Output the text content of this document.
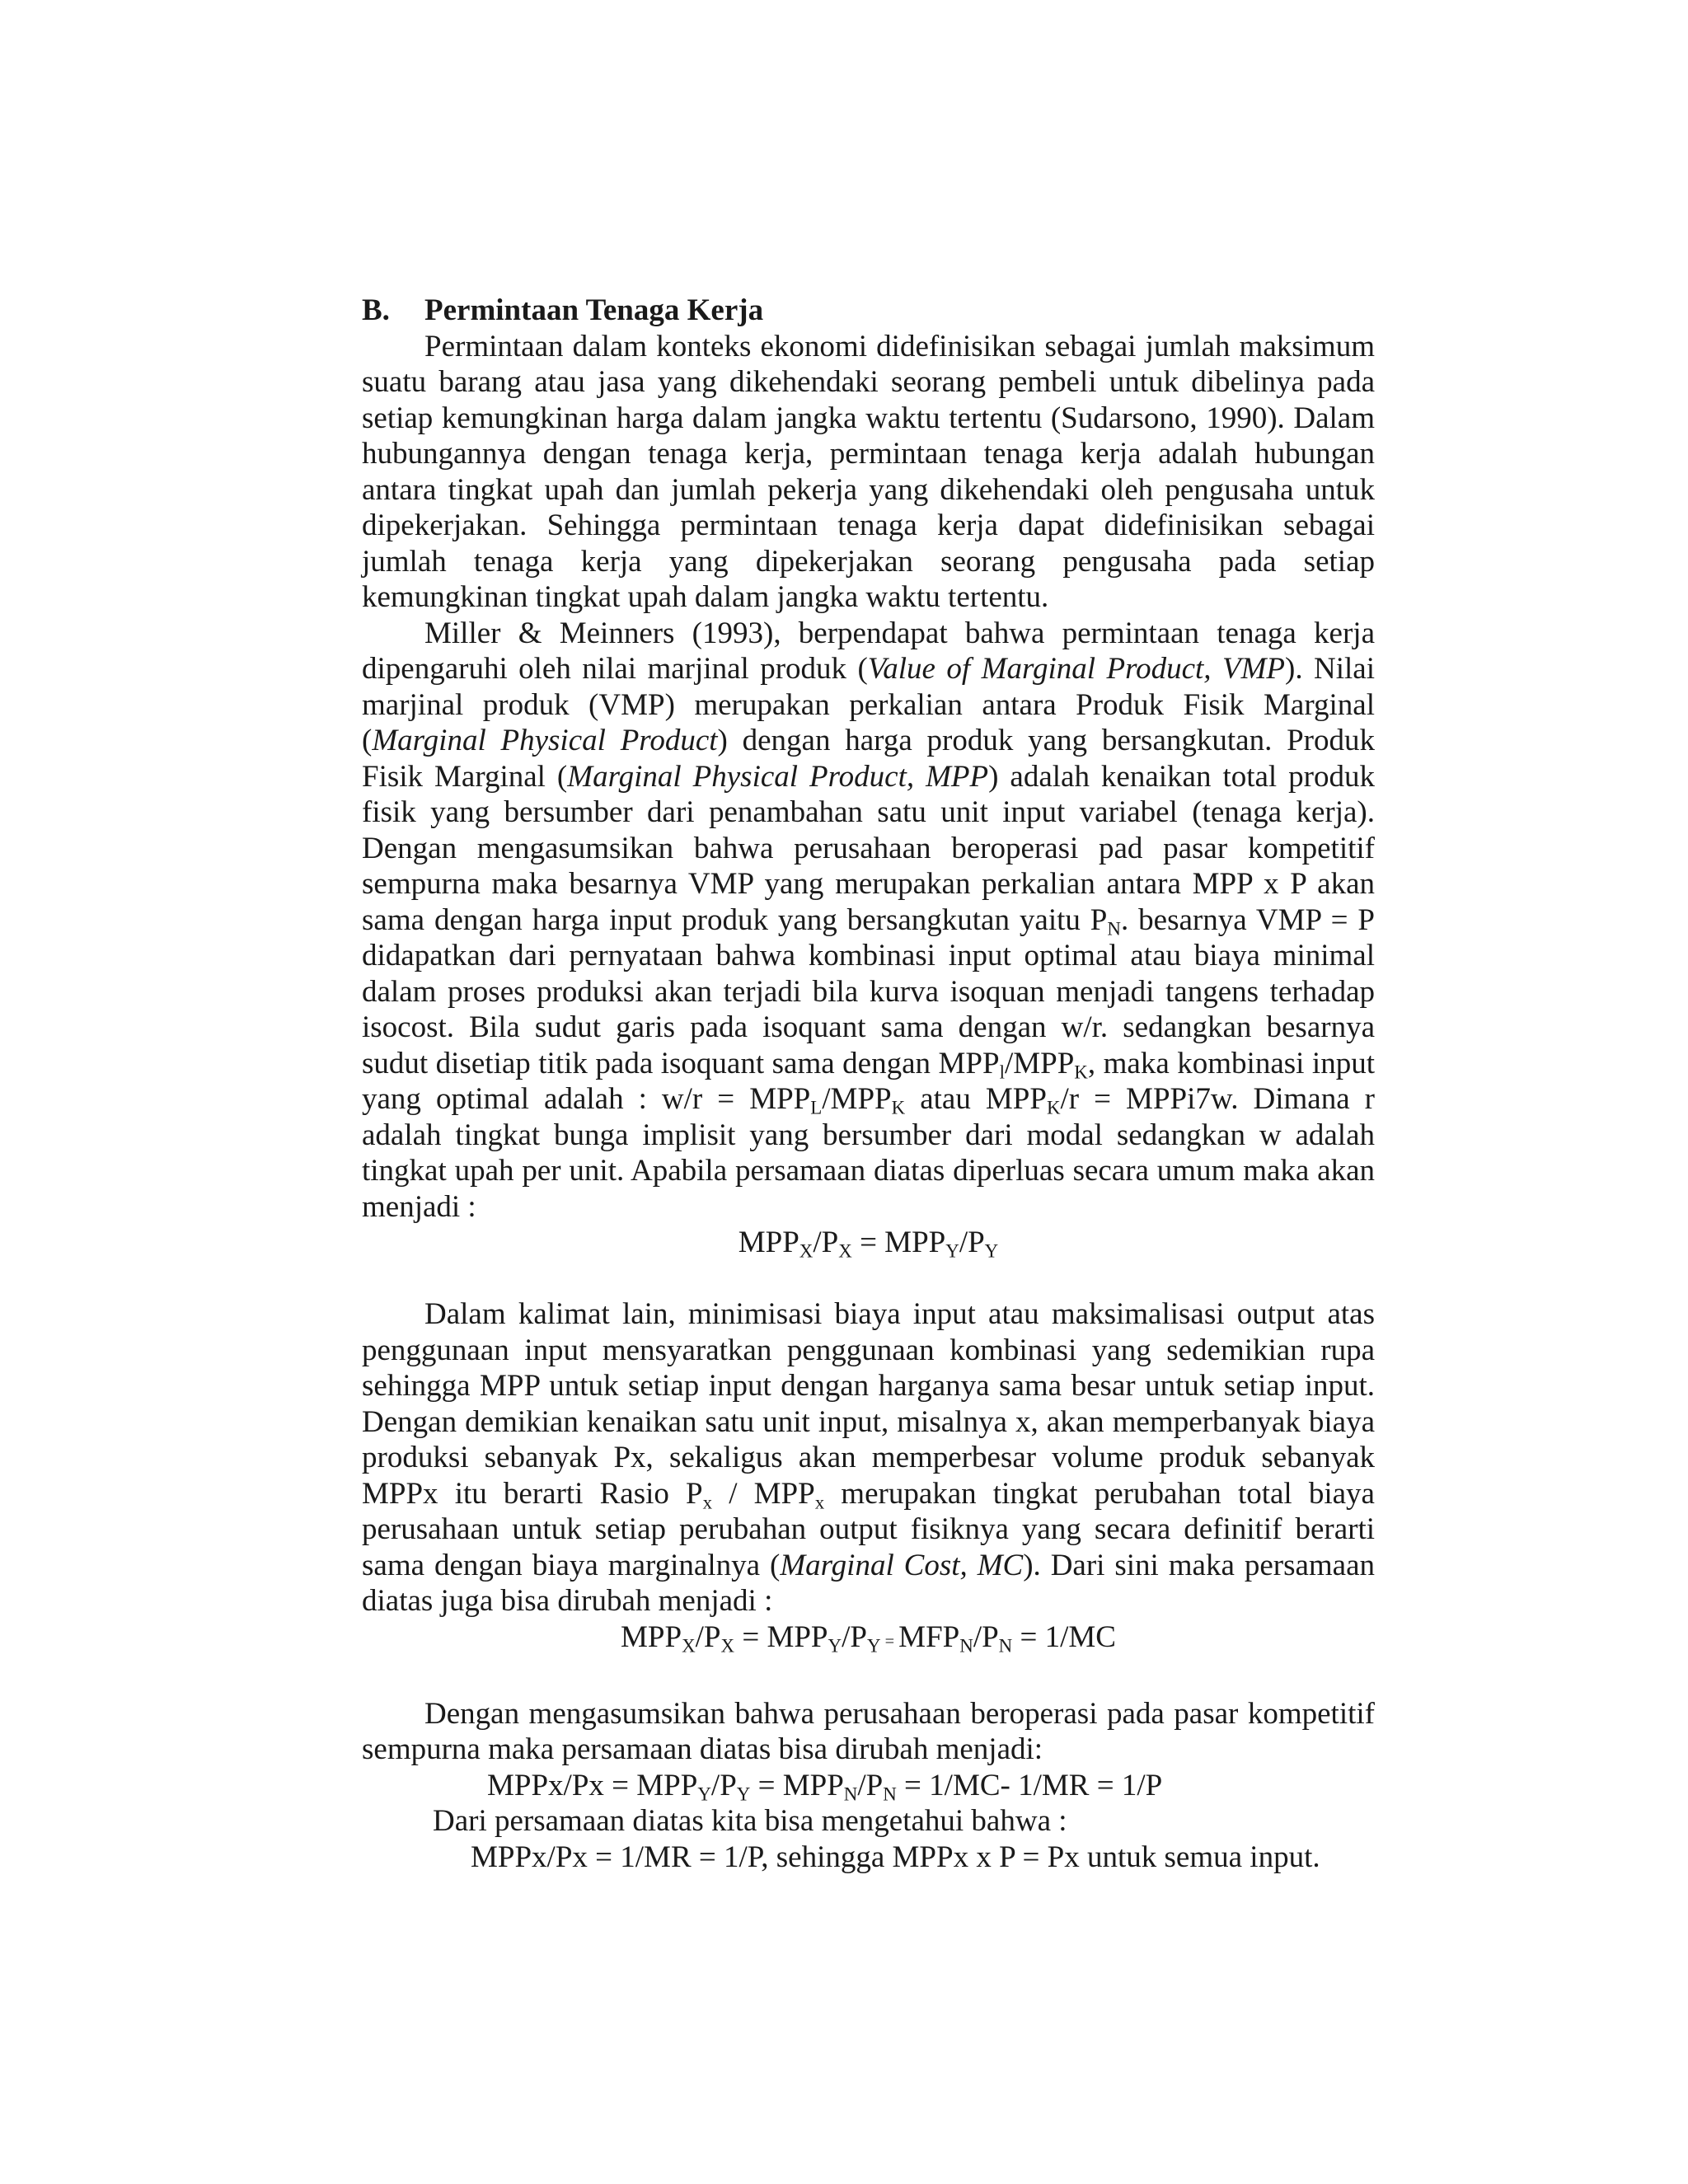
B. Permintaan Tenaga Kerja

Permintaan dalam konteks ekonomi didefinisikan sebagai jumlah maksimum suatu barang atau jasa yang dikehendaki seorang pembeli untuk dibelinya pada setiap kemungkinan harga dalam jangka waktu tertentu (Sudarsono, 1990). Dalam hubungannya dengan tenaga kerja, permintaan tenaga kerja adalah hubungan antara tingkat upah dan jumlah pekerja yang dikehendaki oleh pengusaha untuk dipekerjakan. Sehingga permintaan tenaga kerja dapat didefinisikan sebagai jumlah tenaga kerja yang dipekerjakan seorang pengusaha pada setiap kemungkinan tingkat upah dalam jangka waktu tertentu.

Miller & Meinners (1993), berpendapat bahwa permintaan tenaga kerja dipengaruhi oleh nilai marjinal produk (Value of Marginal Product, VMP). Nilai marjinal produk (VMP) merupakan perkalian antara Produk Fisik Marginal (Marginal Physical Product) dengan harga produk yang bersangkutan. Produk Fisik Marginal (Marginal Physical Product, MPP) adalah kenaikan total produk fisik yang bersumber dari penambahan satu unit input variabel (tenaga kerja). Dengan mengasumsikan bahwa perusahaan beroperasi pad pasar kompetitif sempurna maka besarnya VMP yang merupakan perkalian antara MPP x P akan sama dengan harga input produk yang bersangkutan yaitu $P_N$. besarnya VMP = P didapatkan dari pernyataan bahwa kombinasi input optimal atau biaya minimal dalam proses produksi akan terjadi bila kurva isoquan menjadi tangens terhadap isocost. Bila sudut garis pada isoquant sama dengan w/r. sedangkan besarnya sudut disetiap titik pada isoquant sama dengan $MPP_l/MPP_K$, maka kombinasi input yang optimal adalah : $w/r = MPP_L/MPP_K$ atau $MPP_K/r$ = MPPi7w. Dimana r adalah tingkat bunga implisit yang bersumber dari modal sedangkan w adalah tingkat upah per unit. Apabila persamaan diatas diperluas secara umum maka akan menjadi :

$MPP_X/P_X = MPP_Y/P_Y$

Dalam kalimat lain, minimisasi biaya input atau maksimalisasi output atas penggunaan input mensyaratkan penggunaan kombinasi yang sedemikian rupa sehingga MPP untuk setiap input dengan harganya sama besar untuk setiap input. Dengan demikian kenaikan satu unit input, misalnya x, akan memperbanyak biaya produksi sebanyak Px, sekaligus akan memperbesar volume produk sebanyak MPPx itu berarti Rasio $P_x / MPP_x$ merupakan tingkat perubahan total biaya perusahaan untuk setiap perubahan output fisiknya yang secara definitif berarti sama dengan biaya marginalnya (Marginal Cost, MC). Dari sini maka persamaan diatas juga bisa dirubah menjadi :

$MPP_X/P_X = MPP_Y/P_Y = MFP_N/P_N = 1/MC$

Dengan mengasumsikan bahwa perusahaan beroperasi pada pasar kompetitif sempurna maka persamaan diatas bisa dirubah menjadi:

MPPx/Px = $MPP_Y/P_Y = MPP_N/P_N = 1/MC-$ 1/MR = 1/P
Dari persamaan diatas kita bisa mengetahui bahwa :
MPPx/Px = 1/MR = 1/P, sehingga MPPx x P = Px untuk semua input.
